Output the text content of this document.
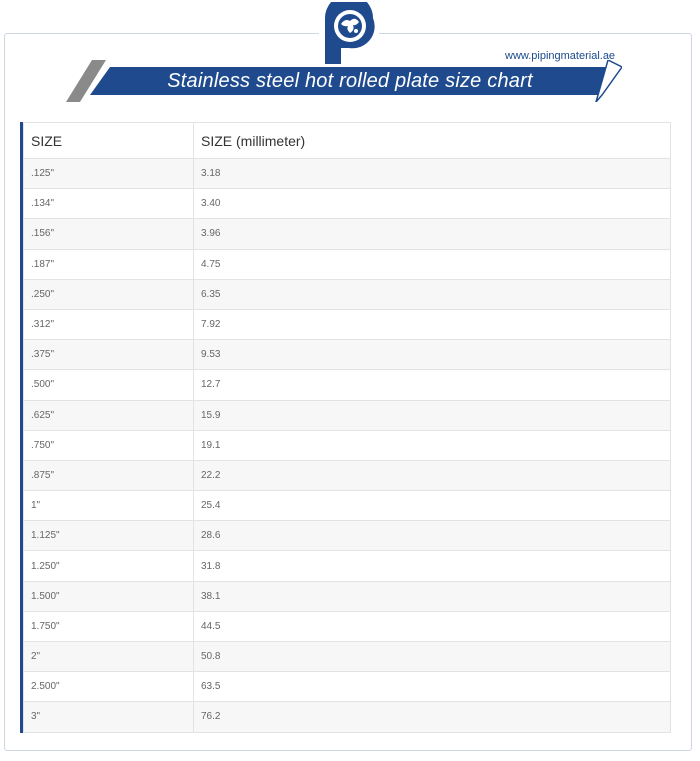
www.pipingmaterial.ae
Stainless steel hot rolled plate size chart
SIZE	SIZE (millimeter)
.125"	3.18
.134"	3.40
.156"	3.96
.187"	4.75
.250"	6.35
.312"	7.92
.375"	9.53
.500"	12.7
.625"	15.9
.750"	19.1
.875"	22.2
1"	25.4
1.125"	28.6
1.250"	31.8
1.500"	38.1
1.750"	44.5
2"	50.8
2.500"	63.5
3"	76.2
